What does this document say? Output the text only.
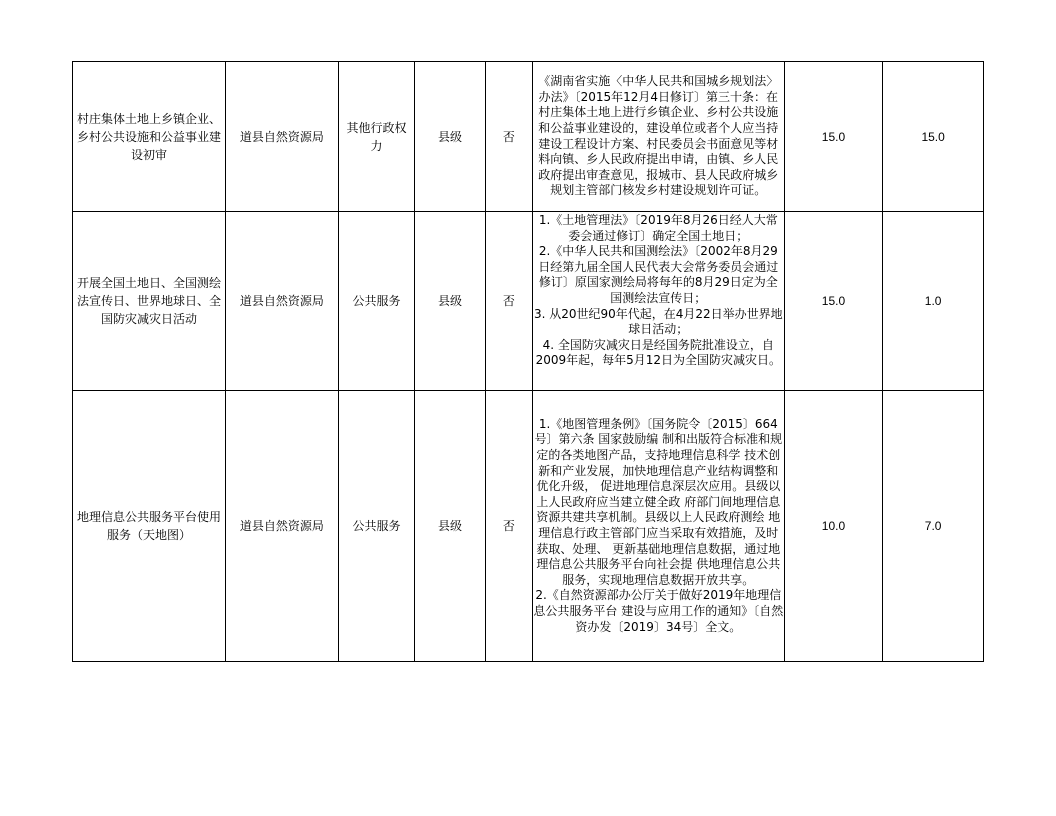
村庄集体土地上乡镇企业、乡村公共设施和公益事业建设初审	道县自然资源局	其他行政权力	县级	否	《湖南省实施〈中华人民共和国城乡规划法〉办法》〔2015年12月4日修订〕第三十条：在村庄集体土地上进行乡镇企业、乡村公共设施和公益事业建设的，建设单位或者个人应当持建设工程设计方案、村民委员会书面意见等材料向镇、乡人民政府提出申请，由镇、乡人民政府提出审查意见，报城市、县人民政府城乡规划主管部门核发乡村建设规划许可证。	15.0	15.0
开展全国土地日、全国测绘法宣传日、世界地球日、全国防灾减灾日活动	道县自然资源局	公共服务	县级	否	1.《土地管理法》〔2019年8月26日经人大常委会通过修订〕确定全国土地日；
2.《中华人民共和国测绘法》〔2002年8月29日经第九届全国人民代表大会常务委员会通过修订〕原国家测绘局将每年的8月29日定为全国测绘法宣传日；
3. 从20世纪90年代起，在4月22日举办世界地球日活动；
4. 全国防灾减灾日是经国务院批准设立，自2009年起，每年5月12日为全国防灾减灾日。	15.0	1.0
地理信息公共服务平台使用服务（天地图）	道县自然资源局	公共服务	县级	否	1.《地图管理条例》〔国务院令〔2015〕664号〕第六条 国家鼓励编 制和出版符合标准和规定的各类地图产品，支持地理信息科学 技术创新和产业发展，加快地理信息产业结构调整和优化升级， 促进地理信息深层次应用。县级以上人民政府应当建立健全政 府部门间地理信息资源共建共享机制。县级以上人民政府测绘 地理信息行政主管部门应当采取有效措施，及时获取、处理、 更新基础地理信息数据，通过地理信息公共服务平台向社会提 供地理信息公共服务，实现地理信息数据开放共享。
2.《自然资源部办公厅关于做好2019年地理信息公共服务平台 建设与应用工作的通知》〔自然资办发〔2019〕34号〕全文。	10.0	7.0
